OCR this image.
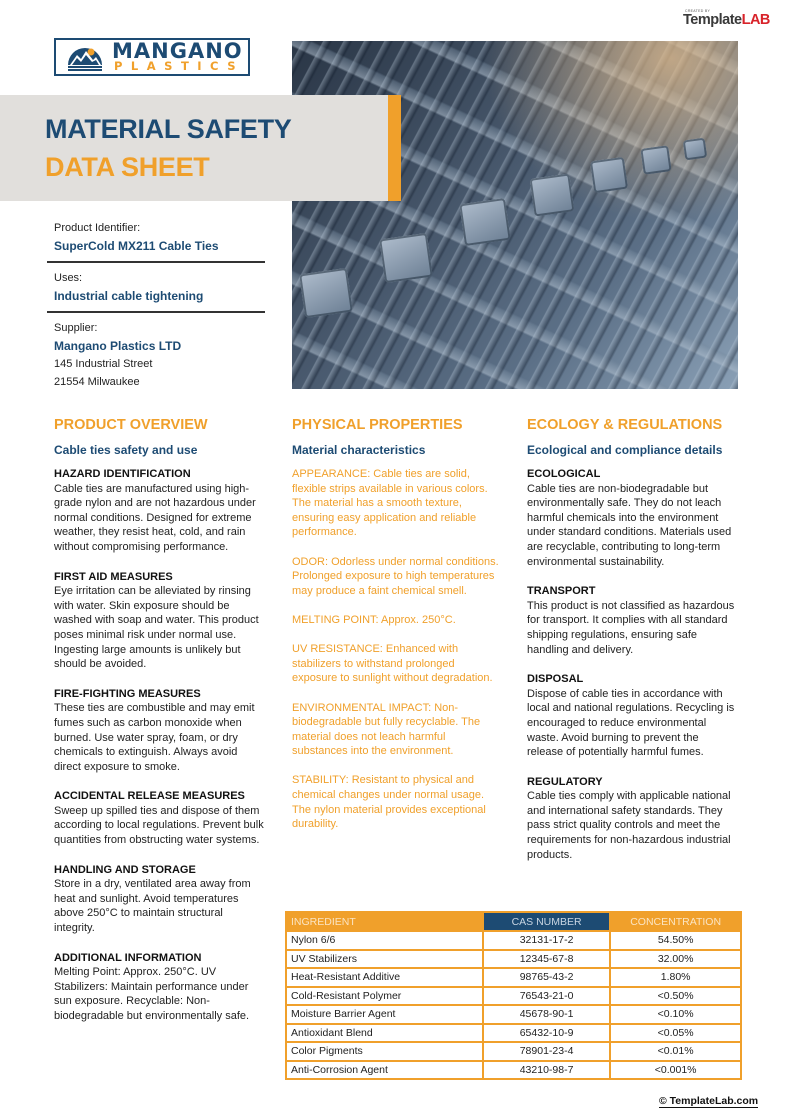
CREATED BY
TemplateLAB
MANGANO
PLASTICS
MATERIAL SAFETY
DATA SHEET
Product Identifier:
SuperCold MX211 Cable Ties
Uses:
Industrial cable tightening
Supplier:
Mangano Plastics LTD
145 Industrial Street
21554 Milwaukee
PRODUCT OVERVIEW
Cable ties safety and use
HAZARD IDENTIFICATION
Cable ties are manufactured using high-grade nylon and are not hazardous under normal conditions. Designed for extreme weather, they resist heat, cold, and rain without compromising performance.
FIRST AID MEASURES
Eye irritation can be alleviated by rinsing with water. Skin exposure should be washed with soap and water. This product poses minimal risk under normal use. Ingesting large amounts is unlikely but should be avoided.
FIRE-FIGHTING MEASURES
These ties are combustible and may emit fumes such as carbon monoxide when burned. Use water spray, foam, or dry chemicals to extinguish. Always avoid direct exposure to smoke.
ACCIDENTAL RELEASE MEASURES
Sweep up spilled ties and dispose of them according to local regulations. Prevent bulk quantities from obstructing water systems.
HANDLING AND STORAGE
Store in a dry, ventilated area away from heat and sunlight. Avoid temperatures above 250°C to maintain structural integrity.
ADDITIONAL INFORMATION
Melting Point: Approx. 250°C. UV Stabilizers: Maintain performance under sun exposure. Recyclable: Non-biodegradable but environmentally safe.
PHYSICAL PROPERTIES
Material characteristics
APPEARANCE: Cable ties are solid, flexible strips available in various colors. The material has a smooth texture, ensuring easy application and reliable performance.
ODOR: Odorless under normal conditions. Prolonged exposure to high temperatures may produce a faint chemical smell.
MELTING POINT: Approx. 250°C.
UV RESISTANCE: Enhanced with stabilizers to withstand prolonged exposure to sunlight without degradation.
ENVIRONMENTAL IMPACT: Non-biodegradable but fully recyclable. The material does not leach harmful substances into the environment.
STABILITY: Resistant to physical and chemical changes under normal usage. The nylon material provides exceptional durability.
ECOLOGY & REGULATIONS
Ecological and compliance details
ECOLOGICAL
Cable ties are non-biodegradable but environmentally safe. They do not leach harmful chemicals into the environment under standard conditions. Materials used are recyclable, contributing to long-term environmental sustainability.
TRANSPORT
This product is not classified as hazardous for transport. It complies with all standard shipping regulations, ensuring safe handling and delivery.
DISPOSAL
Dispose of cable ties in accordance with local and national regulations. Recycling is encouraged to reduce environmental waste. Avoid burning to prevent the release of potentially harmful fumes.
REGULATORY
Cable ties comply with applicable national and international safety standards. They pass strict quality controls and meet the requirements for non-hazardous industrial products.
INGREDIENT	CAS NUMBER	CONCENTRATION
Nylon 6/6	32131-17-2	54.50%
UV Stabilizers	12345-67-8	32.00%
Heat-Resistant Additive	98765-43-2	1.80%
Cold-Resistant Polymer	76543-21-0	<0.50%
Moisture Barrier Agent	45678-90-1	<0.10%
Antioxidant Blend	65432-10-9	<0.05%
Color Pigments	78901-23-4	<0.01%
Anti-Corrosion Agent	43210-98-7	<0.001%
© TemplateLab.com
